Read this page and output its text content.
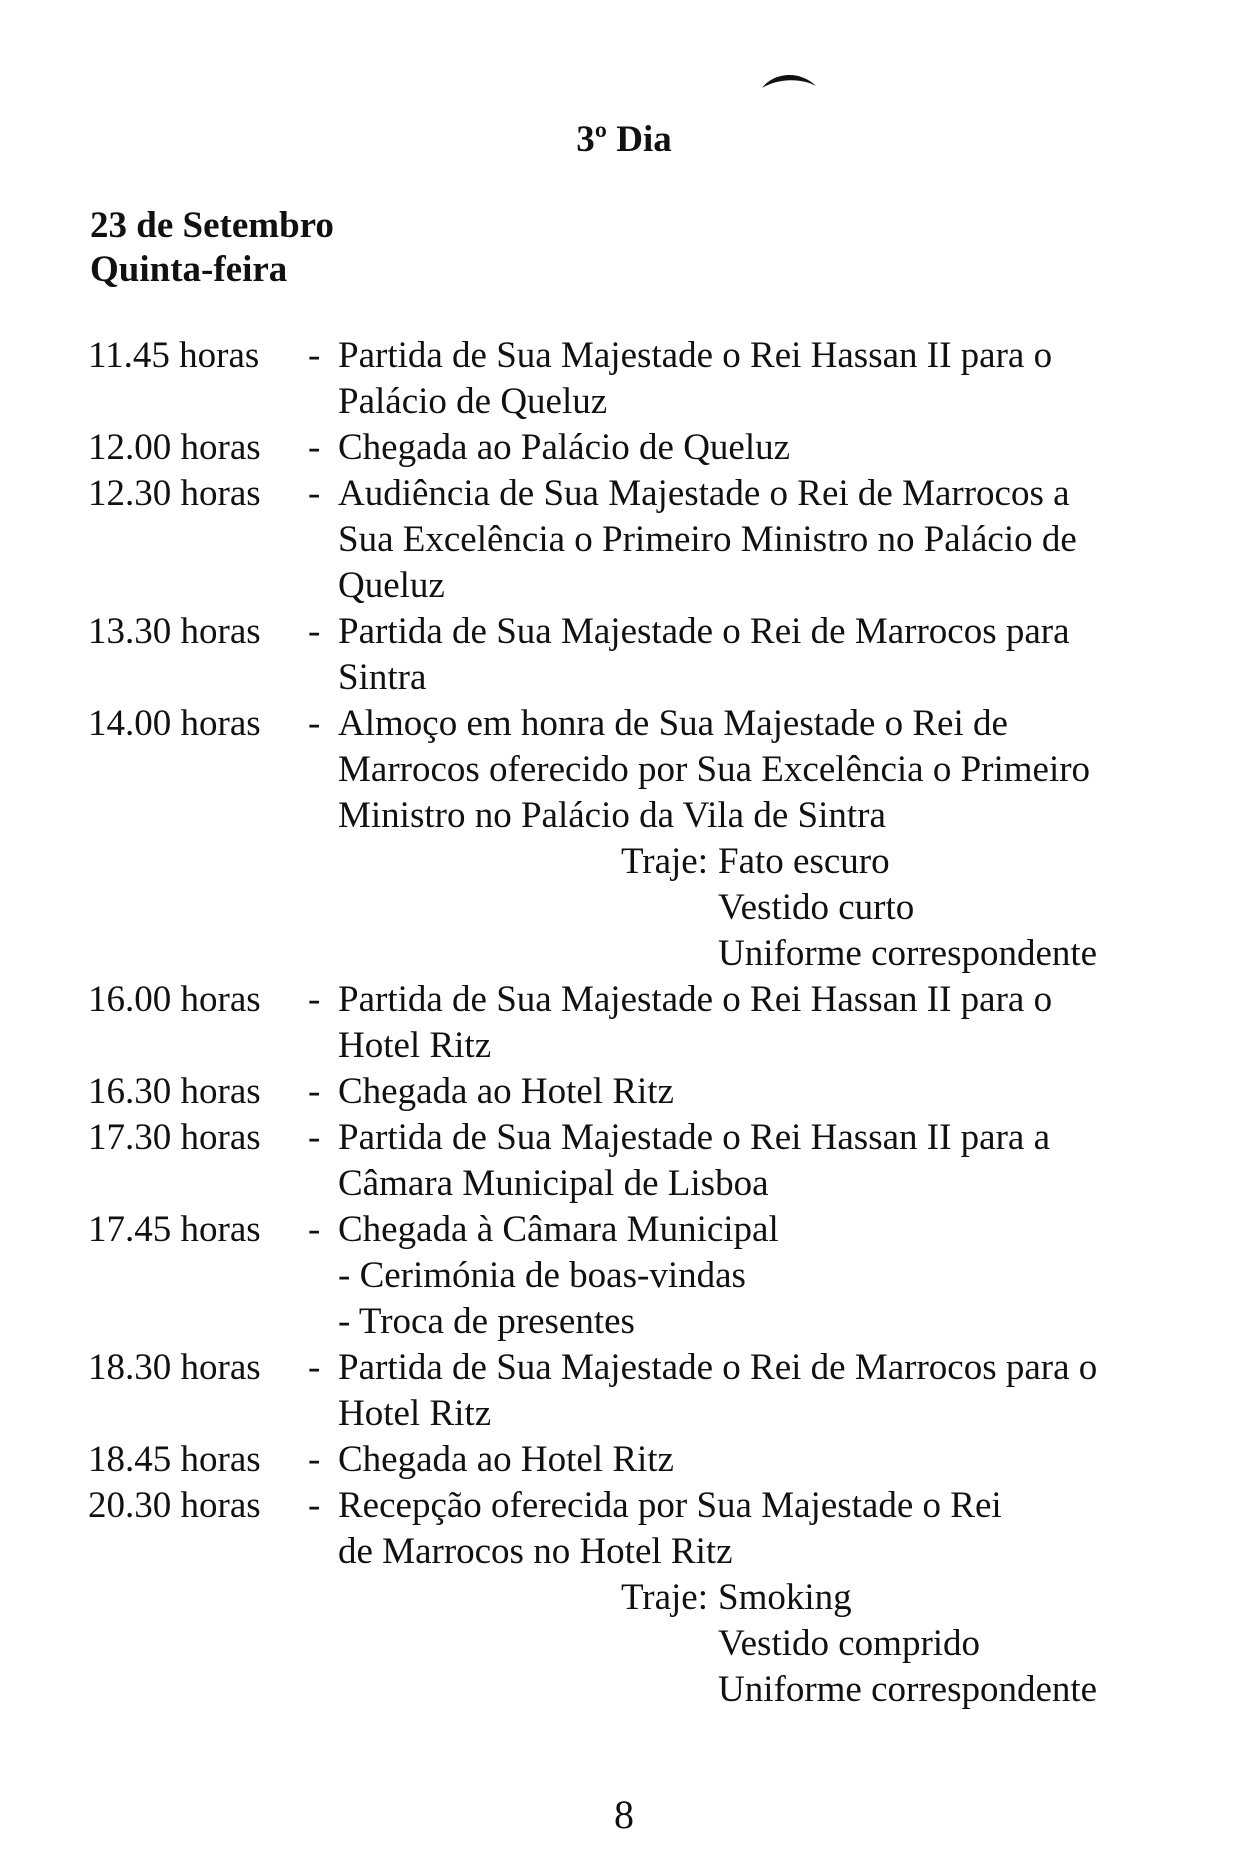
3º Dia
23 de Setembro
Quinta-feira
11.45 horas	- Partida de Sua Majestade o Rei Hassan II para o
Palácio de Queluz
12.00 horas	- Chegada ao Palácio de Queluz
12.30 horas	- Audiência de Sua Majestade o Rei de Marrocos a
Sua Excelência o Primeiro Ministro no Palácio de
Queluz
13.30 horas	- Partida de Sua Majestade o Rei de Marrocos para
Sintra
14.00 horas	- Almoço em honra de Sua Majestade o Rei de
Marrocos oferecido por Sua Excelência o Primeiro
Ministro no Palácio da Vila de Sintra
Traje: Fato escuro
Vestido curto
Uniforme correspondente
16.00 horas	- Partida de Sua Majestade o Rei Hassan II para o
Hotel Ritz
16.30 horas	- Chegada ao Hotel Ritz
17.30 horas	- Partida de Sua Majestade o Rei Hassan II para a
Câmara Municipal de Lisboa
17.45 horas	- Chegada à Câmara Municipal
- Cerimónia de boas-vindas
- Troca de presentes
18.30 horas	- Partida de Sua Majestade o Rei de Marrocos para o
Hotel Ritz
18.45 horas	- Chegada ao Hotel Ritz
20.30 horas	- Recepção oferecida por Sua Majestade o Rei
de Marrocos no Hotel Ritz
Traje: Smoking
Vestido comprido
Uniforme correspondente
8
